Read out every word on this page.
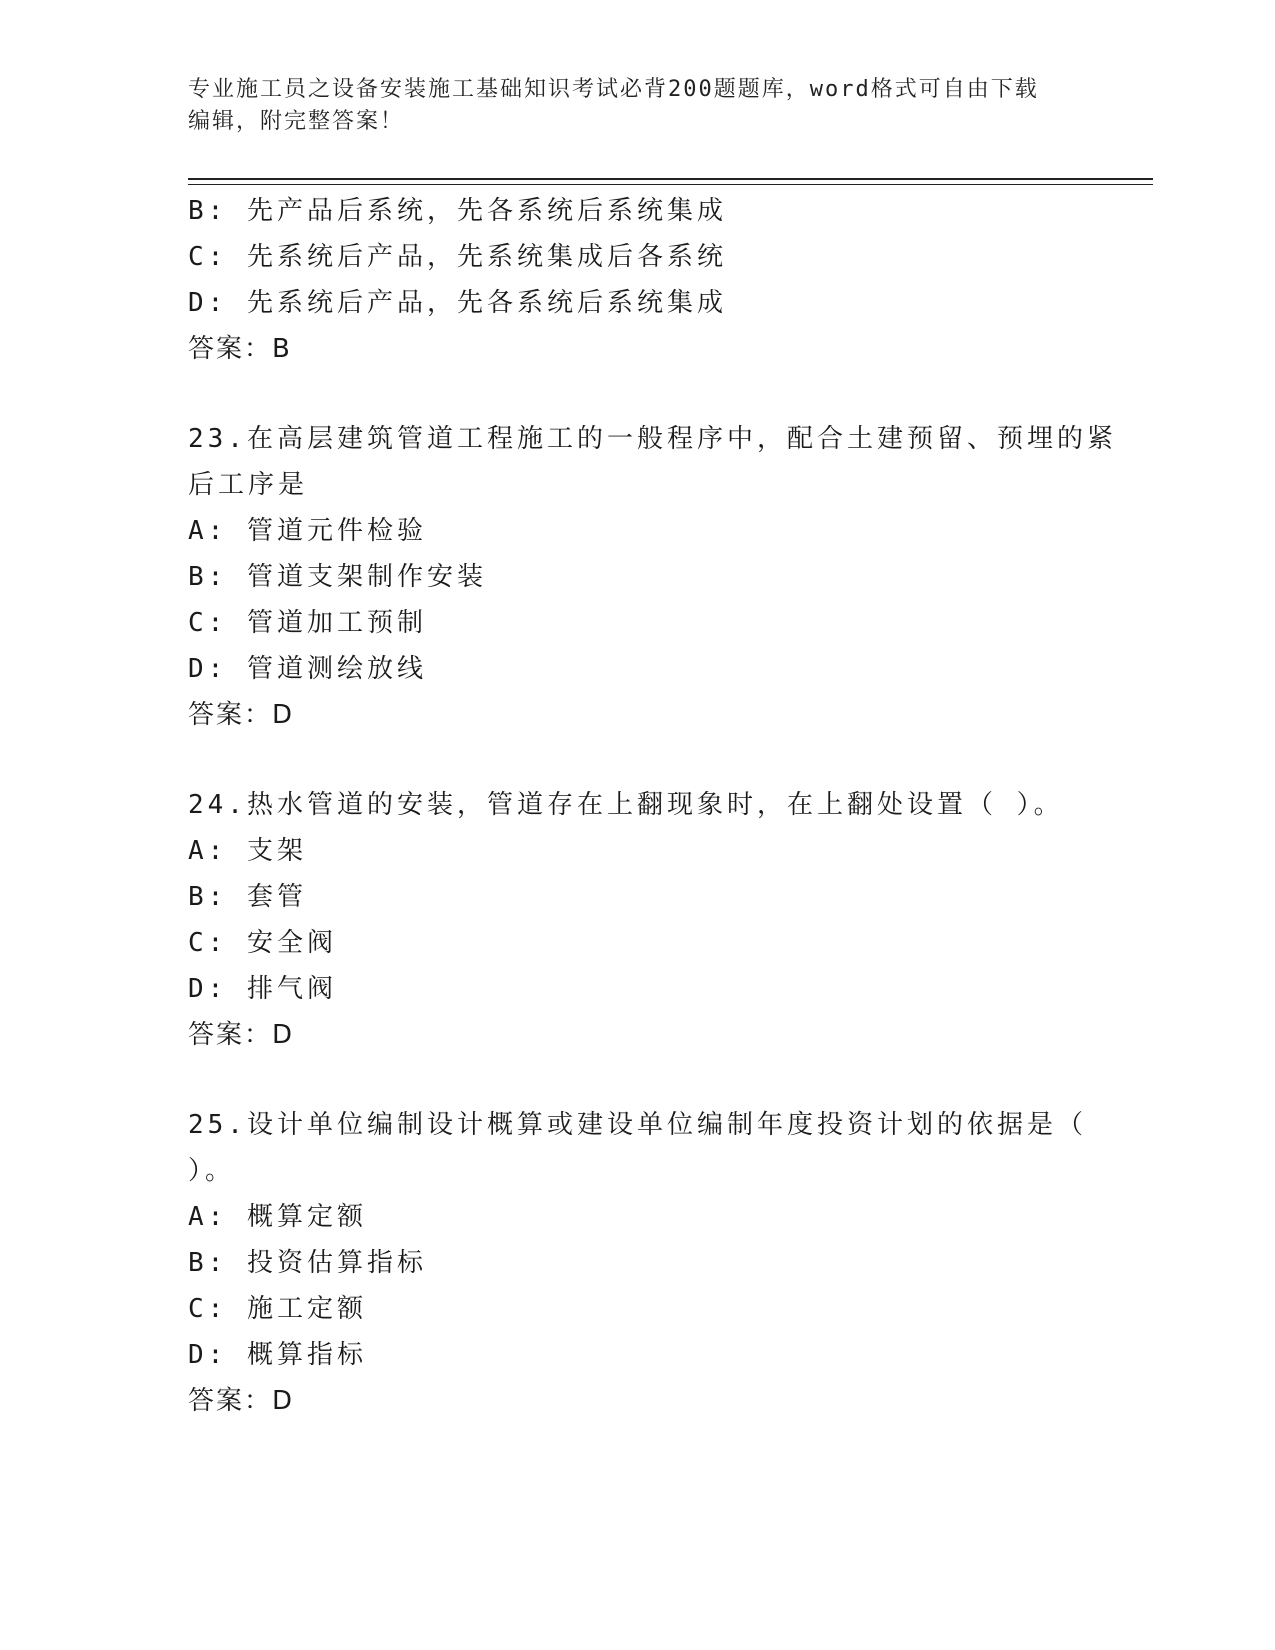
专业施工员之设备安装施工基础知识考试必背200题题库，word格式可自由下载
编辑，附完整答案！
B: 先产品后系统，先各系统后系统集成
C: 先系统后产品，先系统集成后各系统
D: 先系统后产品，先各系统后系统集成
答案：B
23.在高层建筑管道工程施工的一般程序中，配合土建预留、预埋的紧
后工序是
A: 管道元件检验
B: 管道支架制作安装
C: 管道加工预制
D: 管道测绘放线
答案：D
24.热水管道的安装，管道存在上翻现象时，在上翻处设置（ ）。
A: 支架
B: 套管
C: 安全阀
D: 排气阀
答案：D
25.设计单位编制设计概算或建设单位编制年度投资计划的依据是（
）。
A: 概算定额
B: 投资估算指标
C: 施工定额
D: 概算指标
答案：D
